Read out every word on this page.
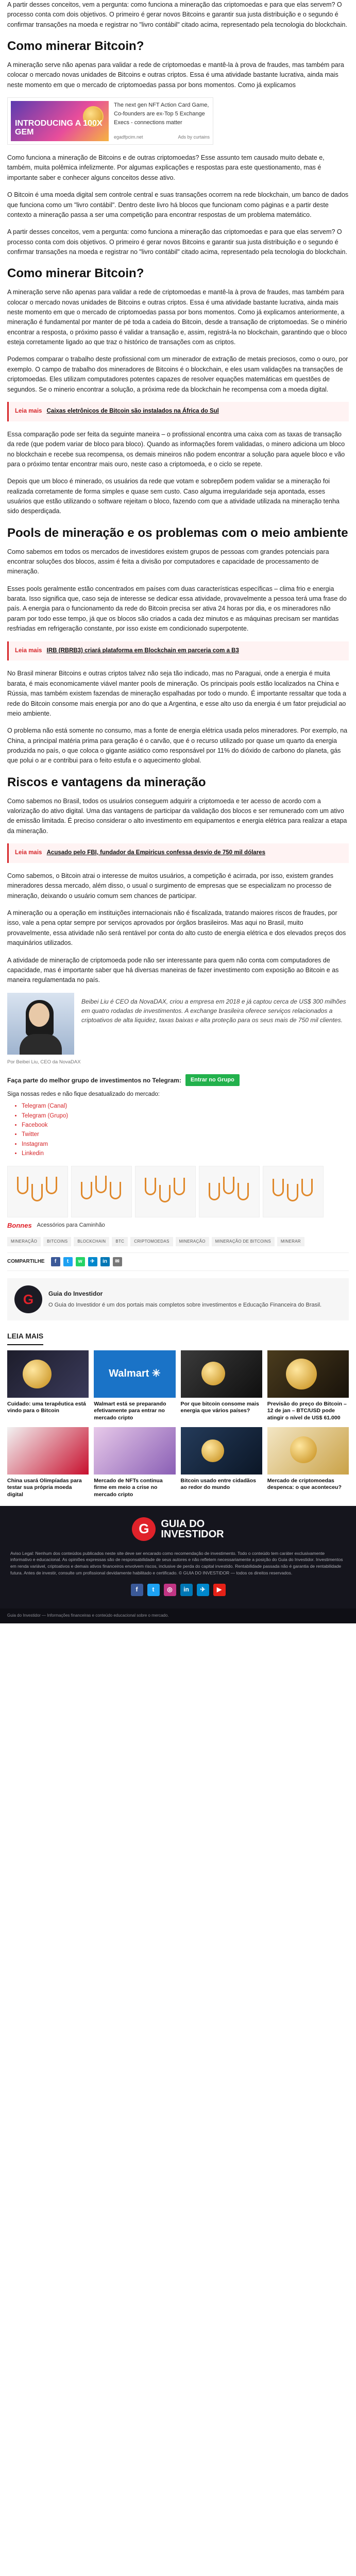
A partir desses conceitos, vem a pergunta: como funciona a mineração das criptomoedas e para que elas servem? O processo conta com dois objetivos. O primeiro é gerar novos Bitcoins e garantir sua justa distribuição e o segundo é confirmar transações na moeda e registrar no "livro contábil" citado acima, representado pela tecnologia do blockchain.

Como minerar Bitcoin?

A mineração serve não apenas para validar a rede de criptomoedas e mantê-la à prova de fraudes, mas também para colocar o mercado novas unidades de Bitcoins e outras criptos. Essa é uma atividade bastante lucrativa, ainda mais neste momento em que o mercado de criptomoedas passa por bons momentos. Como já explicamos

INTRODUCING A 100X GEM
The next gen NFT Action Card Game, Co-founders are ex-Top 5 Exchange Execs - connections matter
egadfpcim.net	Ads by curtains

Como funciona a mineração de Bitcoins e de outras criptomoedas? Esse assunto tem causado muito debate e, também, muita polêmica infelizmente. Por algumas explicações e respostas para este questionamento, mas é importante saber e conhecer alguns conceitos desse ativo.

O Bitcoin é uma moeda digital sem controle central e suas transações ocorrem na rede blockchain, um banco de dados que funciona como um "livro contábil". Dentro deste livro há blocos que funcionam como páginas e a partir deste contexto a mineração passa a ser uma competição para encontrar respostas de um problema matemático.

A partir desses conceitos, vem a pergunta: como funciona a mineração das criptomoedas e para que elas servem? O processo conta com dois objetivos. O primeiro é gerar novos Bitcoins e garantir sua justa distribuição e o segundo é confirmar transações na moeda e registrar no "livro contábil" citado acima, representado pela tecnologia do blockchain.

Como minerar Bitcoin?

A mineração serve não apenas para validar a rede de criptomoedas e mantê-la à prova de fraudes, mas também para colocar o mercado novas unidades de Bitcoins e outras criptos. Essa é uma atividade bastante lucrativa, ainda mais neste momento em que o mercado de criptomoedas passa por bons momentos. Como já explicamos anteriormente, a mineração é fundamental por manter de pé toda a cadeia do Bitcoin, desde a transação de criptomoedas. Se o minério encontrar a resposta, o próximo passo é validar a transação e, assim, registrá-la no blockchain, garantindo que o bloco esteja corretamente ligado ao que traz o histórico de transações com as criptos.

Podemos comparar o trabalho deste profissional com um minerador de extração de metais preciosos, como o ouro, por exemplo. O campo de trabalho dos mineradores de Bitcoins é o blockchain, e eles usam validações na transações de criptomoedas. Eles utilizam computadores potentes capazes de resolver equações matemáticas em questões de segundos. Se o minerio encontrar a solução, a próxima rede da blockchain he recompensa com a moeda digital.

Leia mais Caixas eletrônicos de Bitcoin são instalados na África do Sul

Essa comparação pode ser feita da seguinte maneira – o profissional encontra uma caixa com as taxas de transação da rede (que podem variar de bloco para bloco). Quando as informações forem validadas, o minero adiciona um bloco no blockchain e recebe sua recompensa, os demais mineiros não podem encontrar a solução para aquele bloco e vão para o próximo tentar encontrar mais ouro, neste caso a criptomoeda, e o ciclo se repete.

Depois que um bloco é minerado, os usuários da rede que votam e sobrepõem podem validar se a mineração foi realizada corretamente de forma simples e quase sem custo. Caso alguma irregularidade seja apontada, esses usuários que estão utilizando o software rejeitam o bloco, fazendo com que a atividade utilizada na mineração tenha sido desperdiçada.

Pools de mineração e os problemas com o meio ambiente

Como sabemos em todos os mercados de investidores existem grupos de pessoas com grandes potenciais para encontrar soluções dos blocos, assim é feita a divisão por computadores e capacidade de processamento de mineração.

Esses pools geralmente estão concentrados em países com duas características específicas – clima frio e energia barata. Isso significa que, caso seja de interesse se dedicar essa atividade, provavelmente a pessoa terá uma frase do país. A energia para o funcionamento da rede do Bitcoin precisa ser ativa 24 horas por dia, e os mineradores não param por todo esse tempo, já que os blocos são criados a cada dez minutos e as máquinas precisam ser mantidas resfriadas em refrigeração constante, por isso existe em condicionado superpotente.

Leia mais IRB (RBRB3) criará plataforma em Blockchain em parceria com a B3

No Brasil minerar Bitcoins e outras criptos talvez não seja tão indicado, mas no Paraguai, onde a energia é muita barata, é mais economicamente viável manter pools de mineração. Os principais pools estão localizados na China e Rússia, mas também existem fazendas de mineração espalhadas por todo o mundo. É importante ressaltar que toda a rede do Bitcoin consome mais energia por ano do que a Argentina, e esse alto uso da energia é um fator prejudicial ao meio ambiente.

O problema não está somente no consumo, mas a fonte de energia elétrica usada pelos mineradores. Por exemplo, na China, a principal matéria prima para geração é o carvão, que é o recurso utilizado por quase um quarto da energia produzida no país, o que coloca o gigante asiático como responsável por 11% do dióxido de carbono do planeta, gás que polui o ar e contribui para o feito estufa e o aquecimento global.

Riscos e vantagens da mineração

Como sabemos no Brasil, todos os usuários conseguem adquirir a criptomoeda e ter acesso de acordo com a valorização do ativo digital. Uma das vantagens de participar da validação dos blocos e ser remunerado com um ativo de emissão limitada. É preciso considerar o alto investimento em equipamentos e energia elétrica para realizar a etapa da mineração.

Leia mais Acusado pelo FBI, fundador da Empiricus confessa desvio de 750 mil dólares

Como sabemos, o Bitcoin atrai o interesse de muitos usuários, a competição é acirrada, por isso, existem grandes mineradores dessa mercado, além disso, o usual o surgimento de empresas que se especializam no processo de mineração, deixando o usuário comum sem chances de participar.

A mineração ou a operação em instituições internacionais não é fiscalizada, tratando maiores riscos de fraudes, por isso, vale a pena optar sempre por serviços aprovados por órgãos brasileiros. Mas aqui no Brasil, muito provavelmente, essa atividade não será rentável por conta do alto custo de energia elétrica e dos elevados preços dos maquinários utilizados.

A atividade de mineração de criptomoeda pode não ser interessante para quem não conta com computadores de capacidade, mas é importante saber que há diversas maneiras de fazer investimento com exposição ao Bitcoin e as maneira regulamentada no país.

Beibei Liu é CEO da NovaDAX, criou a empresa em 2018 e já captou cerca de US$ 300 milhões em quatro rodadas de investimentos. A exchange brasileira oferece serviços relacionados a criptoativos de alta liquidez, taxas baixas e alta proteção para os seus mais de 750 mil clientes.
Por Beibei Liu, CEO da NovaDAX
Faça parte do melhor grupo de investimentos no Telegram:	Entrar no Grupo
Siga nossas redes e não fique desatualizado do mercado:
• Telegram (Canal)
• Telegram (Grupo)
• Facebook
• Twitter
• Instagram
• Linkedin
Bonnes Acessórios para Caminhão
MINERAÇÃO	BITCOINS	BLOCKCHAIN	BTC	CRIPTOMOEDAS	MINERAÇÃO	MINERAÇÃO DE BITCOINS	MINERAR
COMPARTILHE	f	t	w	✈	in	✉
G	Guia do Investidor
O Guia do Investidor é um dos portais mais completos sobre investimentos e Educação Financeira do Brasil.
LEIA MAIS
Cuidado: uma terapêutica está vindo para o Bitcoin
Walmart ✳
Walmart está se preparando efetivamente para entrar no mercado cripto
Por que bitcoin consome mais energia que vários países?
Previsão do preço do Bitcoin – 12 de jan – BTC/USD pode atingir o nível de US$ 61.000
China usará Olimpíadas para testar sua própria moeda digital
Mercado de NFTs continua firme em meio a crise no mercado cripto
Bitcoin usado entre cidadãos ao redor do mundo
Mercado de criptomoedas despenca: o que aconteceu?
G	GUIA DO
INVESTIDOR
Aviso Legal: Nenhum dos conteúdos publicados neste site deve ser encarado como recomendação de investimento. Todo o conteúdo tem caráter exclusivamente informativo e educacional. As opiniões expressas são de responsabilidade de seus autores e não refletem necessariamente a posição do Guia do Investidor. Investimentos em renda variável, criptoativos e demais ativos financeiros envolvem riscos, inclusive de perda do capital investido. Rentabilidade passada não é garantia de rentabilidade futura. Antes de investir, consulte um profissional devidamente habilitado e certificado. © GUIA DO INVESTIDOR — todos os direitos reservados.
f	t	◎	in	✈	▶
Guia do Investidor — Informações financeiras e conteúdo educacional sobre o mercado.
